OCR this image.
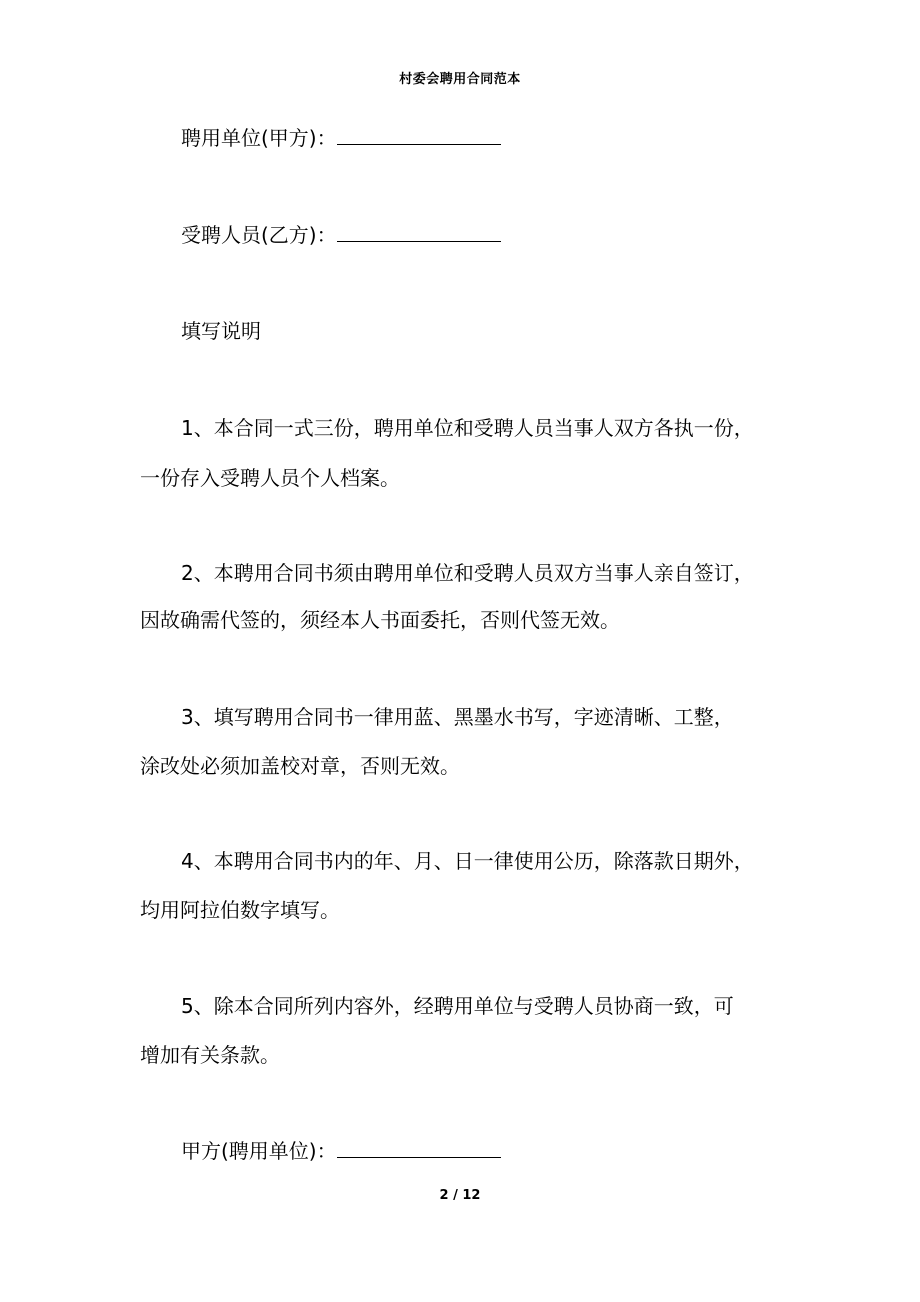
村委会聘用合同范本
聘用单位(甲方)：
受聘人员(乙方)：
填写说明
1、本合同一式三份，聘用单位和受聘人员当事人双方各执一份，
一份存入受聘人员个人档案。
2、本聘用合同书须由聘用单位和受聘人员双方当事人亲自签订，
因故确需代签的，须经本人书面委托，否则代签无效。
3、填写聘用合同书一律用蓝、黑墨水书写，字迹清晰、工整，
涂改处必须加盖校对章，否则无效。
4、本聘用合同书内的年、月、日一律使用公历，除落款日期外，
均用阿拉伯数字填写。
5、除本合同所列内容外，经聘用单位与受聘人员协商一致，可
增加有关条款。
甲方(聘用单位)：
2 / 12
